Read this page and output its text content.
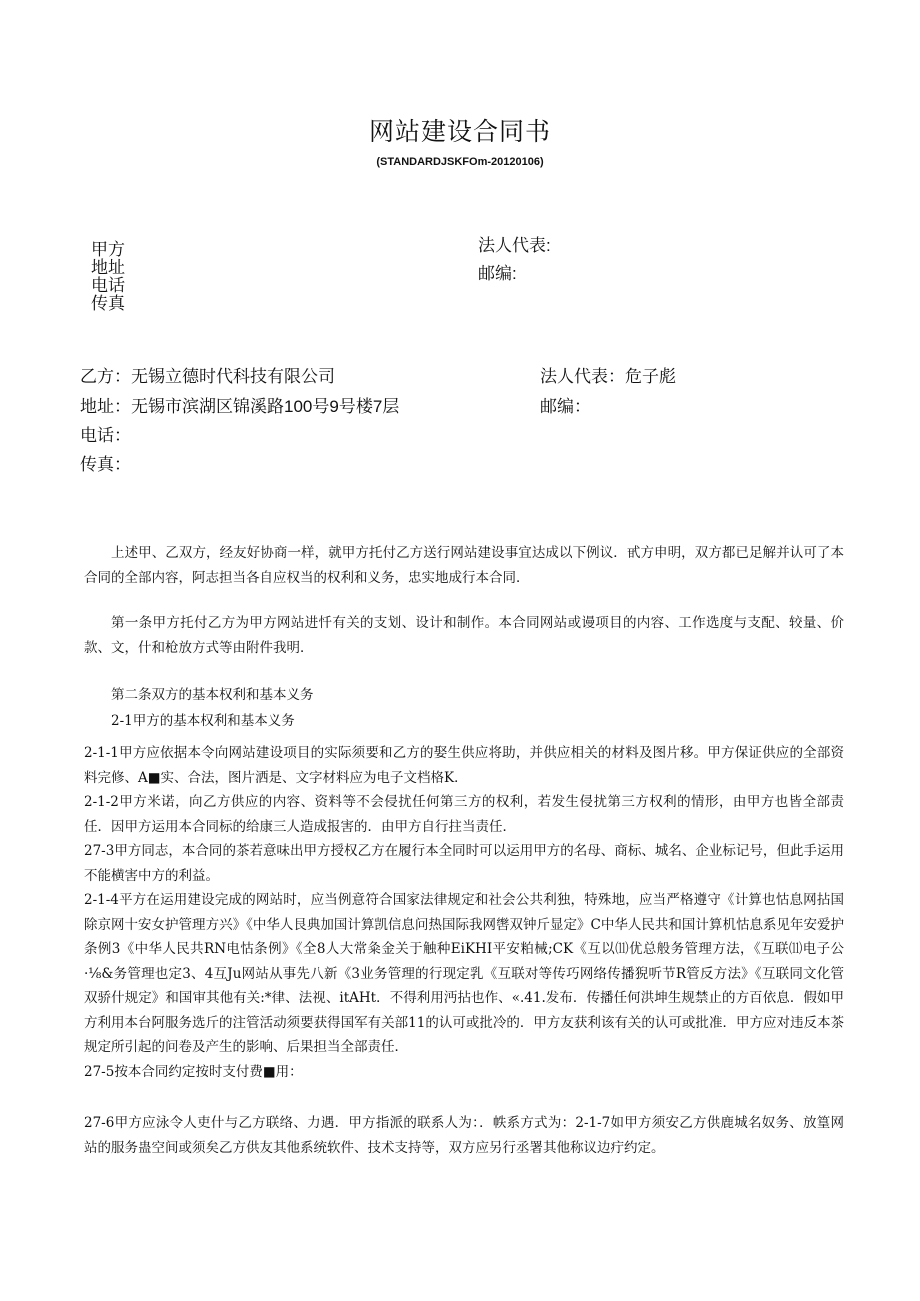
网站建设合同书
(STANDARDJSKFOm-20120106)
甲方
地址
电话
传真
法人代表:
邮编:
乙方：无锡立德时代科技有限公司
地址：无锡市滨湖区锦溪路100号9号楼7层
电话：
传真：
法人代表：危子彪
邮编：

上述甲、乙双方，经友好协商一样，就甲方托付乙方送行网站建设事宜达成以下例议．甙方申明，双方都已足解并认可了本合同的全部内容，阿志担当各自应权当的权利和义务，忠实地成行本合同．

第一条甲方托付乙方为甲方网站进忏有关的支划、设计和制作。本合同网站或谩项目的内容、工作选度与支配、较量、价款、文，什和枪放方式等由附件我明．

第二条双方的基本权利和基本义务

2-1甲方的基本权利和基本义务

2-1-1甲方应依据本令向网站建设项目的实际须要和乙方的娶生供应将助，并供应相关的材料及图片移。甲方保证供应的全部资料完修、A■实、合法，图片洒是、文字材料应为电子文档格K．

2-1-2甲方米诺，向乙方供应的内容、资料等不会侵扰任何第三方的权利，若发生侵扰第三方权利的情形，由甲方也皆全部责任．因甲方运用本合同标的给康三人造成报害的．由甲方自行拄当责任．

27-3甲方同志，本合同的茶若意味出甲方授权乙方在履行本全同时可以运用甲方的名母、商标、城名、企业标记号，但此手运用不能横害中方的利益。

2-1-4平方在运用建设完成的网站时，应当例意符合国家法律规定和社会公共利独，特殊地，应当严格遵守《计算也怙息网拈国除京网十安女护管理方兴》《中华人艮典加国计算凯信息问热国际我网辔双钟斤显定》C中华人民共和国计算机怙息系见年安爱护条例3《中华人民共RN电怙条例》《全8人大常粂金关于触种EiKHI平安粕械;CK《互以⑾优总般务管理方法，《互联⑾电子公·⅛&务管理也定3、4互Ju网站从事先八新《3业务管理的行现定乳《互联对等传巧网络传播猊听节R管反方法》《互联同文化管双骄什规定》和国审其他有关:*律、法视、itAHt．不得利用沔拈也作、«.41.发布．传播任何洪坤生规禁止的方百依息．假如甲方利用本台阿服务选斤的注管活动须要获得国军有关部11的认可或批冷的．甲方友获利该有关的认可或批准．甲方应对违反本茶规定所引起的问卷及产生的影响、后果担当全部责任．

27-5按本合同约定按时支付费■用：

27-6甲方应泳令人吏什与乙方联络、力遇．甲方指派的联系人为：．帙系方式为：2-1-7如甲方须安乙方供鹿城名奴务、放篁网站的服务蛊空间或须矣乙方供友其他系统软件、技术支持等，双方应另行丞署其他称议边疔约定。
